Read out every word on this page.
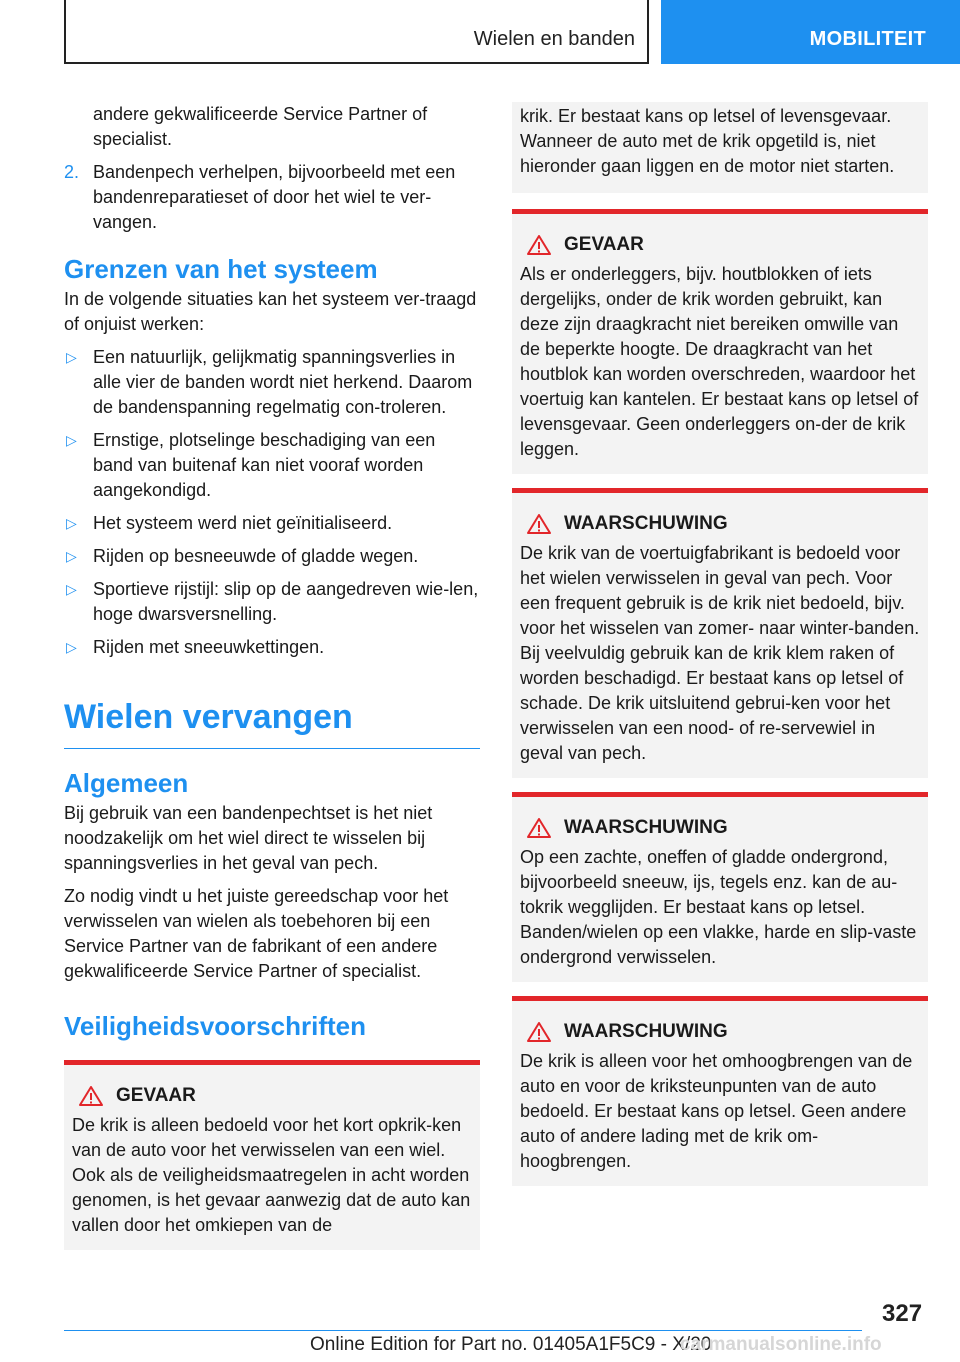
Wielen en banden	MOBILITEIT

andere gekwalificeerde Service Partner of specialist.

2. Bandenpech verhelpen, bijvoorbeeld met een bandenreparatieset of door het wiel te ver-vangen.
Grenzen van het systeem

In de volgende situaties kan het systeem ver-traagd of onjuist werken:

▷ Een natuurlijk, gelijkmatig spanningsverlies in alle vier de banden wordt niet herkend. Daarom de bandenspanning regelmatig con-troleren.
▷ Ernstige, plotselinge beschadiging van een band van buitenaf kan niet vooraf worden aangekondigd.
▷ Het systeem werd niet geïnitialiseerd.
▷ Rijden op besneeuwde of gladde wegen.
▷ Sportieve rijstijl: slip op de aangedreven wie-len, hoge dwarsversnelling.
▷ Rijden met sneeuwkettingen.
Wielen vervangen
Algemeen

Bij gebruik van een bandenpechtset is het niet noodzakelijk om het wiel direct te wisselen bij spanningsverlies in het geval van pech.

Zo nodig vindt u het juiste gereedschap voor het verwisselen van wielen als toebehoren bij een Service Partner van de fabrikant of een andere gekwalificeerde Service Partner of specialist.

Veiligheidsvoorschriften
GEVAAR

De krik is alleen bedoeld voor het kort opkrik-ken van de auto voor het verwisselen van een wiel. Ook als de veiligheidsmaatregelen in acht worden genomen, is het gevaar aanwezig dat de auto kan vallen door het omkiepen van de

krik. Er bestaat kans op letsel of levensgevaar. Wanneer de auto met de krik opgetild is, niet hieronder gaan liggen en de motor niet starten.

GEVAAR

Als er onderleggers, bijv. houtblokken of iets dergelijks, onder de krik worden gebruikt, kan deze zijn draagkracht niet bereiken omwille van de beperkte hoogte. De draagkracht van het houtblok kan worden overschreden, waardoor het voertuig kan kantelen. Er bestaat kans op letsel of levensgevaar. Geen onderleggers on-der de krik leggen.

WAARSCHUWING

De krik van de voertuigfabrikant is bedoeld voor het wielen verwisselen in geval van pech. Voor een frequent gebruik is de krik niet bedoeld, bijv. voor het wisselen van zomer- naar winter-banden. Bij veelvuldig gebruik kan de krik klem raken of worden beschadigd. Er bestaat kans op letsel of schade. De krik uitsluitend gebrui-ken voor het verwisselen van een nood- of re-servewiel in geval van pech.

WAARSCHUWING

Op een zachte, oneffen of gladde ondergrond, bijvoorbeeld sneeuw, ijs, tegels enz. kan de au-tokrik wegglijden. Er bestaat kans op letsel. Banden/wielen op een vlakke, harde en slip-vaste ondergrond verwisselen.

WAARSCHUWING

De krik is alleen voor het omhoogbrengen van de auto en voor de kriksteunpunten van de auto bedoeld. Er bestaat kans op letsel. Geen andere auto of andere lading met de krik om-hoogbrengen.

327
Online Edition for Part no. 01405A1F5C9 - X/20
carmanualsonline.info
